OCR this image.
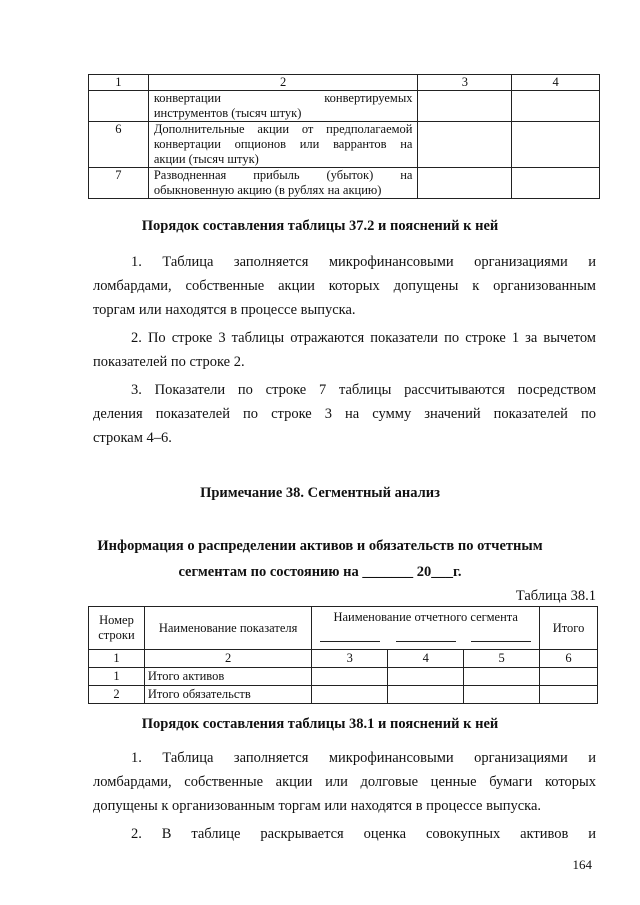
1	2	3	4

	конвертации конвертируемых
инструментов (тысяч штук)		

6	Дополнительные акции от предполагаемой
конвертации опционов или варрантов на
акции (тысяч штук)		

7	Разводненная прибыль (убыток) на
обыкновенную акцию (в рублях на акцию)		

Порядок составления таблицы 37.2 и пояснений к ней
1. Таблица заполняется микрофинансовыми организациями и
ломбардами, собственные акции которых допущены к организованным
торгам или находятся в процессе выпуска.
2. По строке 3 таблицы отражаются показатели по строке 1 за вычетом
показателей по строке 2.
3. Показатели по строке 7 таблицы рассчитываются посредством
деления показателей по строке 3 на сумму значений показателей по
строкам 4–6.
Примечание 38. Сегментный анализ
Информация о распределении активов и обязательств по отчетным
сегментам по состоянию на _______ 20___г.
Таблица 38.1
Номер строки	Наименование показателя	Наименование отчетного сегмента			Итого

1	2	3	4	5	6
1	Итого активов				
2	Итого обязательств				
Порядок составления таблицы 38.1 и пояснений к ней
1. Таблица заполняется микрофинансовыми организациями и
ломбардами, собственные акции или долговые ценные бумаги которых
допущены к организованным торгам или находятся в процессе выпуска.
2. В таблице раскрывается оценка совокупных активов и
164
